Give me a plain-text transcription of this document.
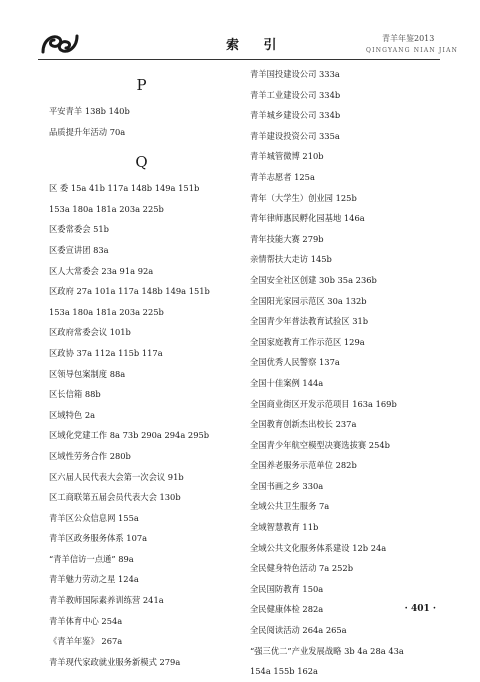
索 引	青羊年鉴2013
QINGYANG NIAN JIAN
P
平安青羊 138b 140b
品质提升年活动 70a
Q
区 委 15a 41b 117a 148b 149a 151b
153a 180a 181a 203a 225b
区委常委会 51b
区委宣讲团 83a
区人大常委会 23a 91a 92a
区政府 27a 101a 117a 148b 149a 151b
153a 180a 181a 203a 225b
区政府常委会议 101b
区政协 37a 112a 115b 117a
区领导包案制度 88a
区长信箱 88b
区域特色 2a
区域化党建工作 8a 73b 290a 294a 295b
区域性劳务合作 280b
区六届人民代表大会第一次会议 91b
区工商联第五届会员代表大会 130b
青羊区公众信息网 155a
青羊区政务服务体系 107a
“青羊信访一点通” 89a
青羊魅力劳动之星 124a
青羊教师国际素养训练营 241a
青羊体育中心 254a
《青羊年鉴》 267a
青羊现代家政就业服务新模式 279a
青羊国投建设公司 333a
青羊工业建设公司 334b
青羊城乡建设公司 334b
青羊建设投资公司 335a
青羊城管微博 210b
青羊志愿者 125a
青年（大学生）创业园 125b
青年律师惠民孵化园基地 146a
青年技能大赛 279b
亲情帮扶大走访 145b
全国安全社区创建 30b 35a 236b
全国阳光家园示范区 30a 132b
全国青少年普法教育试验区 31b
全国家庭教育工作示范区 129a
全国优秀人民警察 137a
全国十佳案例 144a
全国商业街区开发示范项目 163a 169b
全国教育创新杰出校长 237a
全国青少年航空模型决赛选拔赛 254b
全国养老服务示范单位 282b
全国书画之乡 330a
全域公共卫生服务 7a
全域智慧教育 11b
全域公共文化服务体系建设 12b 24a
全民健身特色活动 7a 252b
全民国防教育 150a
全民健康体检 282a
全民阅读活动 264a 265a
“强三优二”产业发展战略 3b 4a 28a 43a
154a 155b 162a
· 401 ·
